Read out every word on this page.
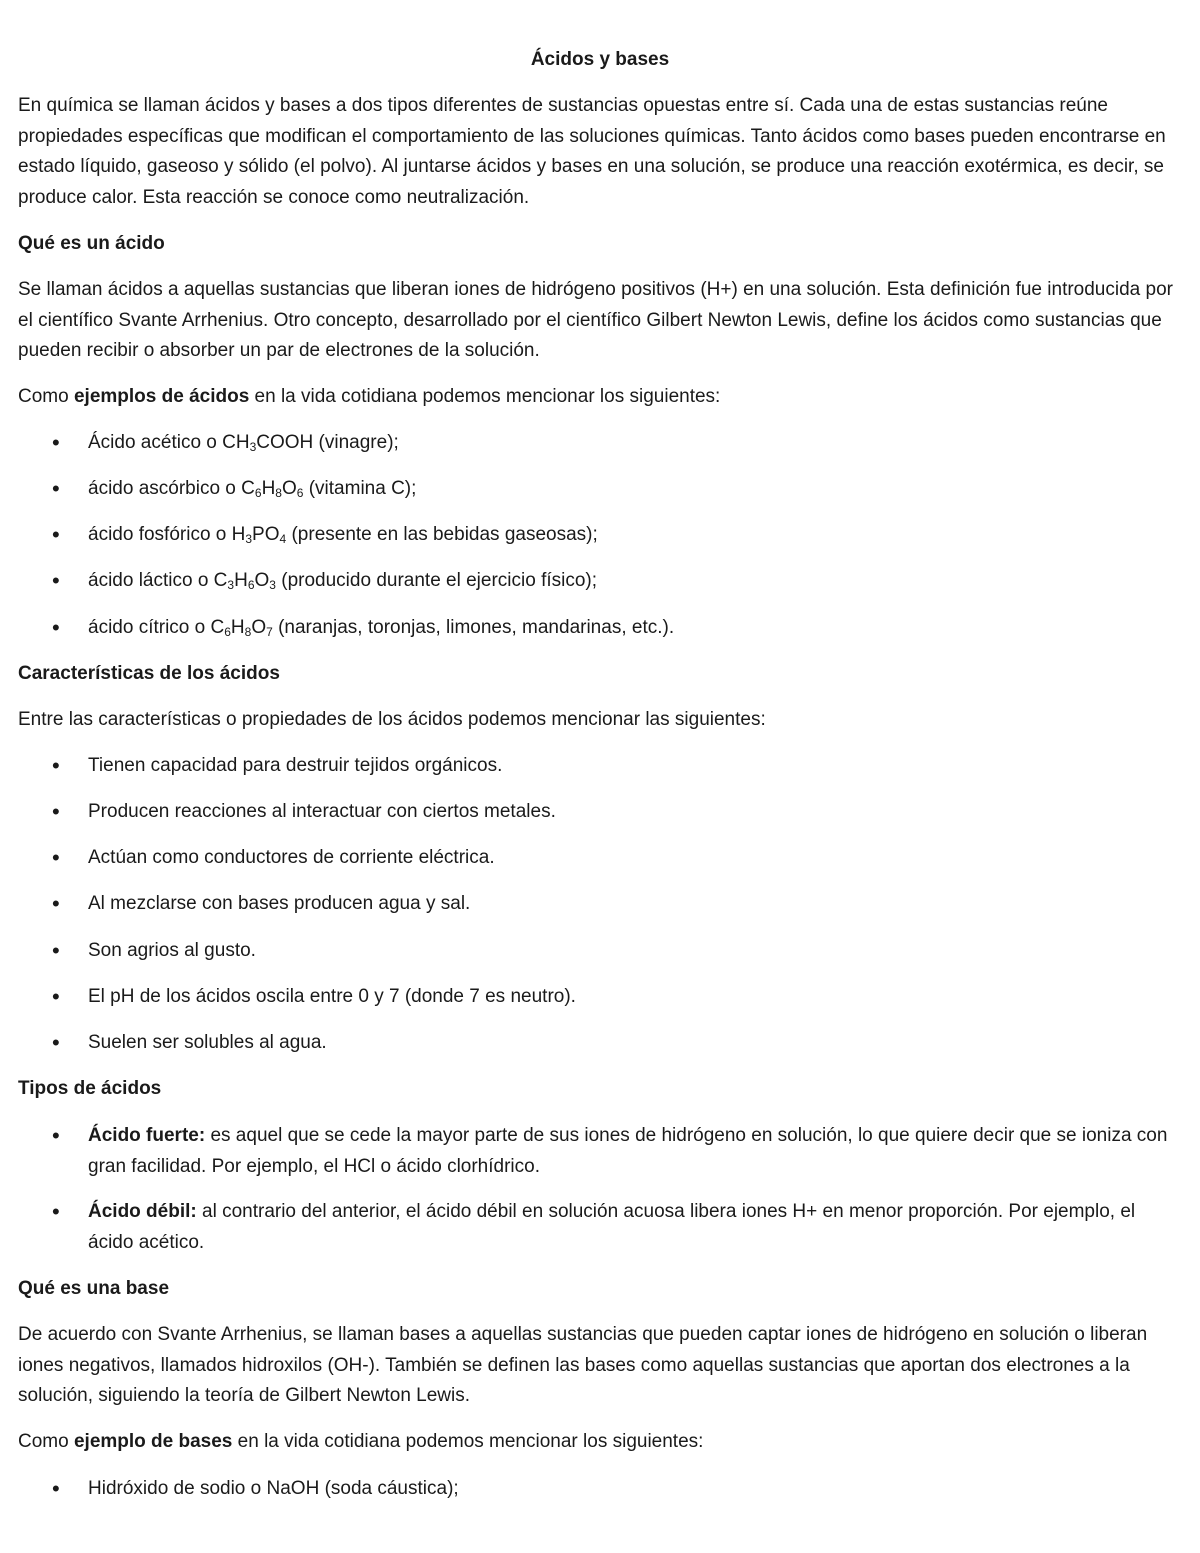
Ácidos y bases

En química se llaman ácidos y bases a dos tipos diferentes de sustancias opuestas entre sí. Cada una de estas sustancias reúne propiedades específicas que modifican el comportamiento de las soluciones químicas. Tanto ácidos como bases pueden encontrarse en estado líquido, gaseoso y sólido (el polvo). Al juntarse ácidos y bases en una solución, se produce una reacción exotérmica, es decir, se produce calor. Esta reacción se conoce como neutralización.

Qué es un ácido

Se llaman ácidos a aquellas sustancias que liberan iones de hidrógeno positivos (H+) en una solución. Esta definición fue introducida por el científico Svante Arrhenius. Otro concepto, desarrollado por el científico Gilbert Newton Lewis, define los ácidos como sustancias que pueden recibir o absorber un par de electrones de la solución.

Como ejemplos de ácidos en la vida cotidiana podemos mencionar los siguientes:

• Ácido acético o $CH_3COOH$ (vinagre);
• ácido ascórbico o $C_6H_8O_6$ (vitamina C);
• ácido fosfórico o $H_3PO_4$ (presente en las bebidas gaseosas);
• ácido láctico o $C_3H_6O_3$ (producido durante el ejercicio físico);
• ácido cítrico o $C_6H_8O_7$ (naranjas, toronjas, limones, mandarinas, etc.).

Características de los ácidos

Entre las características o propiedades de los ácidos podemos mencionar las siguientes:

• Tienen capacidad para destruir tejidos orgánicos.
• Producen reacciones al interactuar con ciertos metales.
• Actúan como conductores de corriente eléctrica.
• Al mezclarse con bases producen agua y sal.
• Son agrios al gusto.
• El pH de los ácidos oscila entre 0 y 7 (donde 7 es neutro).
• Suelen ser solubles al agua.

Tipos de ácidos

• Ácido fuerte: es aquel que se cede la mayor parte de sus iones de hidrógeno en solución, lo que quiere decir que se ioniza con gran facilidad. Por ejemplo, el HCl o ácido clorhídrico.
• Ácido débil: al contrario del anterior, el ácido débil en solución acuosa libera iones H+ en menor proporción. Por ejemplo, el ácido acético.

Qué es una base

De acuerdo con Svante Arrhenius, se llaman bases a aquellas sustancias que pueden captar iones de hidrógeno en solución o liberan iones negativos, llamados hidroxilos (OH-). También se definen las bases como aquellas sustancias que aportan dos electrones a la solución, siguiendo la teoría de Gilbert Newton Lewis.

Como ejemplo de bases en la vida cotidiana podemos mencionar los siguientes:

• Hidróxido de sodio o NaOH (soda cáustica);
